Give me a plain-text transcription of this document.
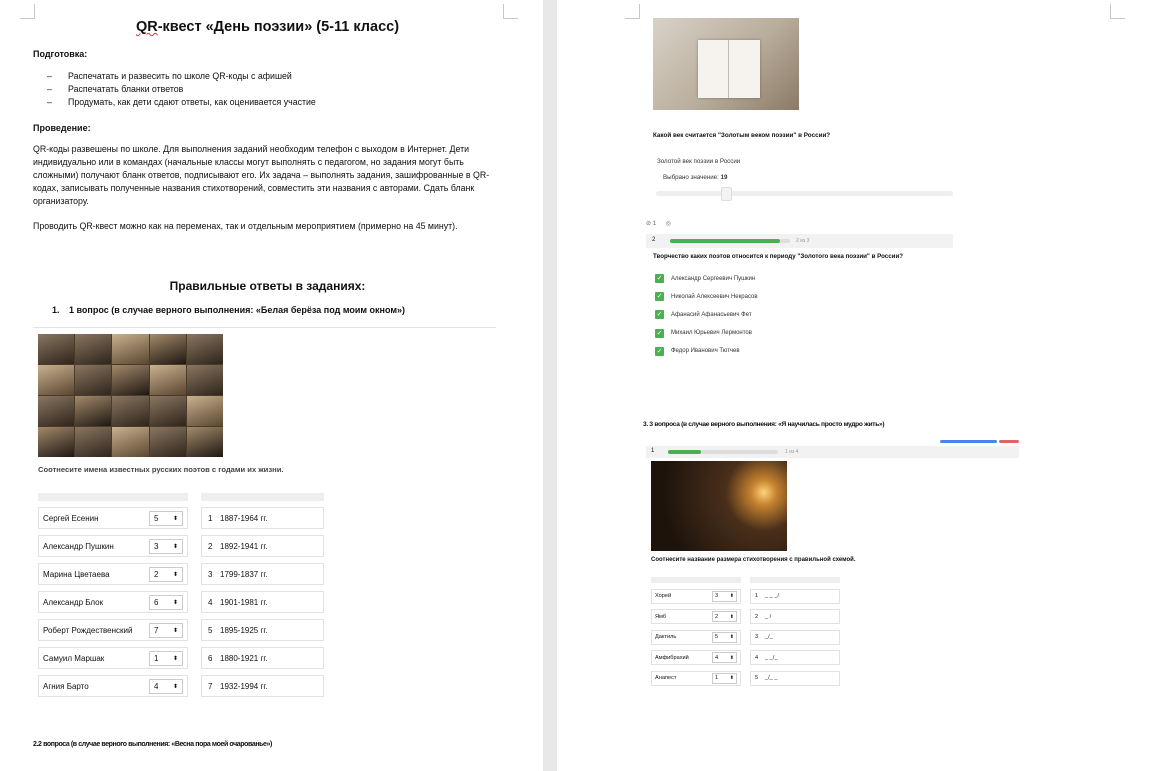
QR-квест «День поэзии» (5-11 класс)
Подготовка:
– Распечатать и развесить по школе QR-коды с афишей
– Распечатать бланки ответов
– Продумать, как дети сдают ответы, как оценивается участие
Проведение:
QR-коды развешены по школе. Для выполнения заданий необходим телефон с выходом в Интернет. Дети индивидуально или в командах (начальные классы могут выполнять с педагогом, но задания могут быть сложными) получают бланк ответов, подписывают его. Их задача – выполнять задания, зашифрованные в QR-кодах, записывать полученные названия стихотворений, совместить эти названия с авторами. Сдать бланк организатору.
Проводить QR-квест можно как на переменах, так и отдельным мероприятием (примерно на 45 минут).
Правильные ответы в заданиях:
1. 1 вопрос (в случае верного выполнения: «Белая берёза под моим окном»)
Соотнесите имена известных русских поэтов с годами их жизни.
Сергей Есенин	5 ⬍
Александр Пушкин	3 ⬍
Марина Цветаева	2 ⬍
Александр Блок	6 ⬍
Роберт Рождественский	7 ⬍
Самуил Маршак	1 ⬍
Агния Барто	4 ⬍
1 1887-1964 гг.
2 1892-1941 гг.
3 1799-1837 гг.
4 1901-1981 гг.
5 1895-1925 гг.
6 1880-1921 гг.
7 1932-1994 гг.
2.2 вопроса (в случае верного выполнения: «Весна пора моей очарованье»)
Какой век считается "Золотым веком поэзии" в России?
Золотой век поэзии в России
Выбрано значение: 19
⊘ 1 ◎
2	2 из 3
Творчество каких поэтов относится к периоду "Золотого века поэзии" в России?
✓ Александр Сергеевич Пушкин
✓ Николай Алексеевич Некрасов
✓ Афанасий Афанасьевич Фет
✓ Михаил Юрьевич Лермонтов
✓ Федор Иванович Тютчев
3. 3 вопроса (в случае верного выполнения: «Я научилась просто мудро жить»)
1	1 из 4
Соотнесите название размера стихотворения с правильной схемой.
Хорей	3 ⬍
Ямб	2 ⬍
Дактиль	5 ⬍
Амфибрахий	4 ⬍
Анапест	1 ⬍
1	_ _ _/
2	_ /
3	_/_
4	_ _/_
5	_/_ _
